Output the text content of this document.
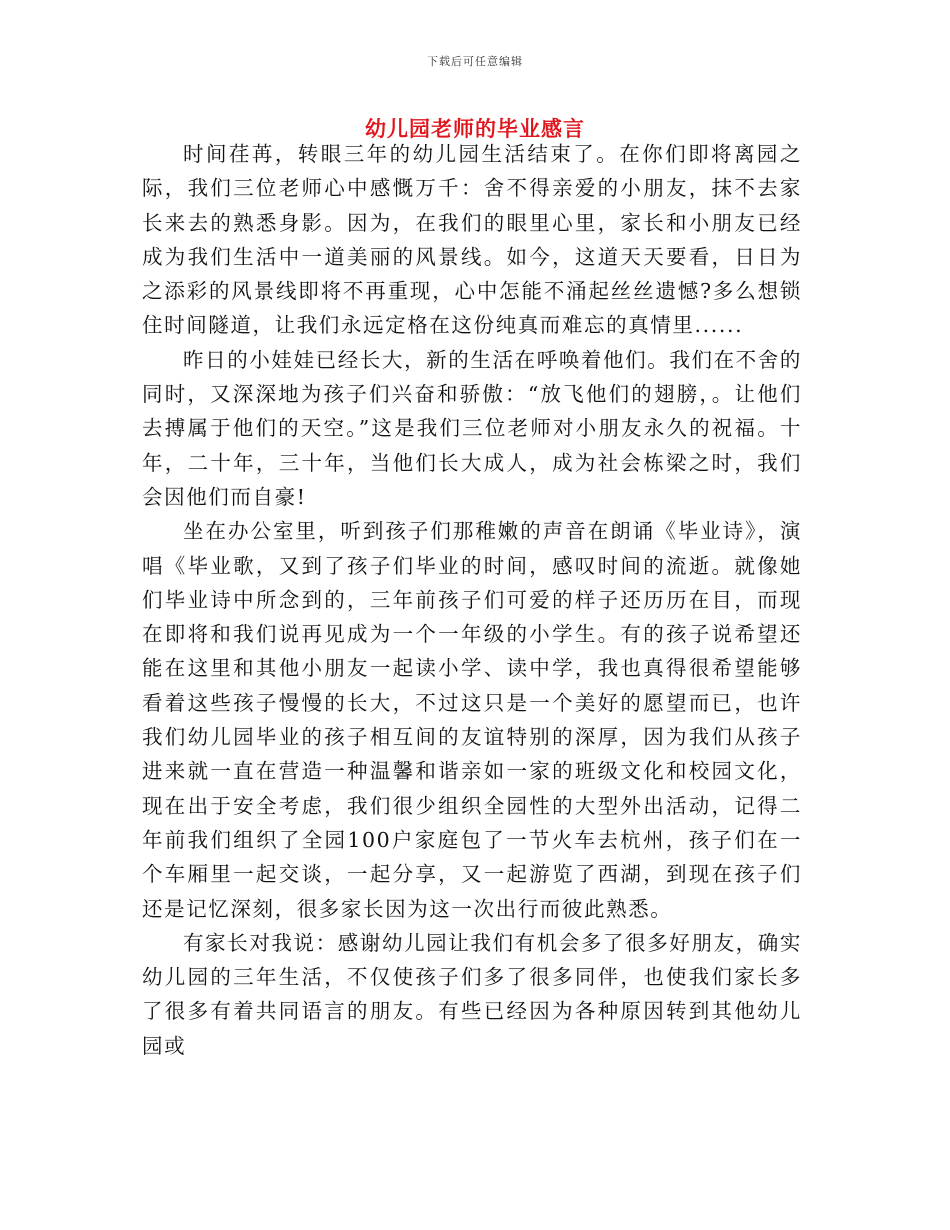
下载后可任意编辑
幼儿园老师的毕业感言

时间荏苒，转眼三年的幼儿园生活结束了。在你们即将离园之际，我们三位老师心中感慨万千：舍不得亲爱的小朋友，抹不去家长来去的熟悉身影。因为，在我们的眼里心里，家长和小朋友已经成为我们生活中一道美丽的风景线。如今，这道天天要看，日日为之添彩的风景线即将不再重现，心中怎能不涌起丝丝遗憾?多么想锁住时间隧道，让我们永远定格在这份纯真而难忘的真情里......

昨日的小娃娃已经长大，新的生活在呼唤着他们。我们在不舍的同时，又深深地为孩子们兴奋和骄傲：“放飞他们的翅膀，。让他们去搏属于他们的天空。”这是我们三位老师对小朋友永久的祝福。十年，二十年，三十年，当他们长大成人，成为社会栋梁之时，我们会因他们而自豪!

坐在办公室里，听到孩子们那稚嫩的声音在朗诵《毕业诗》，演唱《毕业歌，又到了孩子们毕业的时间，感叹时间的流逝。就像她们毕业诗中所念到的，三年前孩子们可爱的样子还历历在目，而现在即将和我们说再见成为一个一年级的小学生。有的孩子说希望还能在这里和其他小朋友一起读小学、读中学，我也真得很希望能够看着这些孩子慢慢的长大，不过这只是一个美好的愿望而已，也许我们幼儿园毕业的孩子相互间的友谊特别的深厚，因为我们从孩子进来就一直在营造一种温馨和谐亲如一家的班级文化和校园文化，现在出于安全考虑，我们很少组织全园性的大型外出活动，记得二年前我们组织了全园100户家庭包了一节火车去杭州，孩子们在一个车厢里一起交谈，一起分享，又一起游览了西湖，到现在孩子们还是记忆深刻，很多家长因为这一次出行而彼此熟悉。

有家长对我说：感谢幼儿园让我们有机会多了很多好朋友，确实幼儿园的三年生活，不仅使孩子们多了很多同伴，也使我们家长多了很多有着共同语言的朋友。有些已经因为各种原因转到其他幼儿园或
